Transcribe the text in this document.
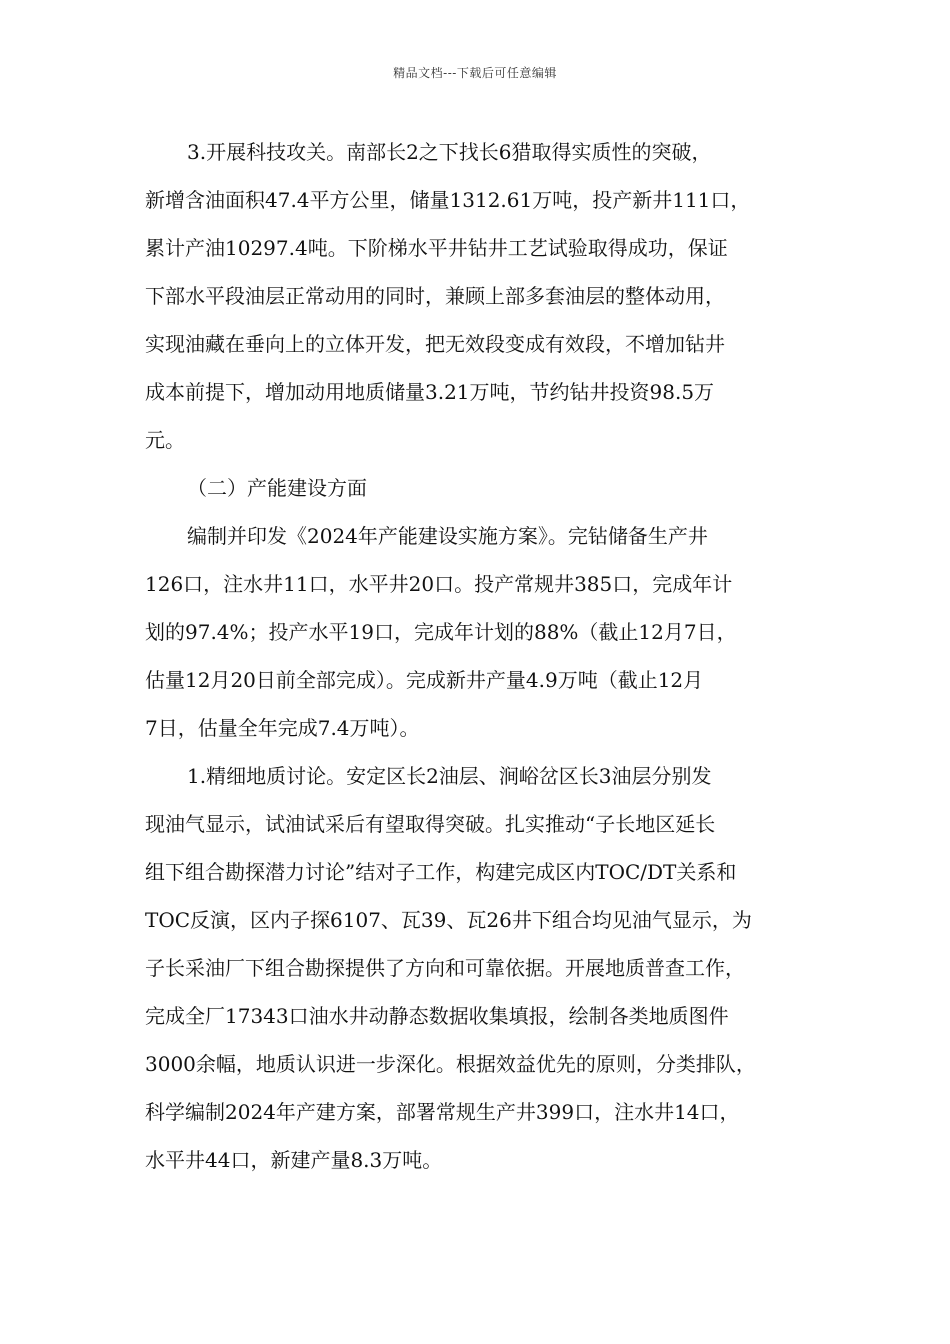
精品文档---下载后可任意编辑
3.开展科技攻关。南部长2之下找长6猎取得实质性的突破，
新增含油面积47.4平方公里，储量1312.61万吨，投产新井111口，
累计产油10297.4吨。下阶梯水平井钻井工艺试验取得成功，保证
下部水平段油层正常动用的同时，兼顾上部多套油层的整体动用，
实现油藏在垂向上的立体开发，把无效段变成有效段，不增加钻井
成本前提下，增加动用地质储量3.21万吨，节约钻井投资98.5万
元。
（二）产能建设方面
编制并印发《2024年产能建设实施方案》。完钻储备生产井
126口，注水井11口，水平井20口。投产常规井385口，完成年计
划的97.4%；投产水平19口，完成年计划的88%（截止12月7日，
估量12月20日前全部完成）。完成新井产量4.9万吨（截止12月
7日，估量全年完成7.4万吨）。
1.精细地质讨论。安定区长2油层、涧峪岔区长3油层分别发
现油气显示，试油试采后有望取得突破。扎实推动“子长地区延长
组下组合勘探潜力讨论”结对子工作，构建完成区内TOC/DT关系和
TOC反演，区内子探6107、瓦39、瓦26井下组合均见油气显示，为
子长采油厂下组合勘探提供了方向和可靠依据。开展地质普查工作，
完成全厂17343口油水井动静态数据收集填报，绘制各类地质图件
3000余幅，地质认识进一步深化。根据效益优先的原则，分类排队，
科学编制2024年产建方案，部署常规生产井399口，注水井14口，
水平井44口，新建产量8.3万吨。
